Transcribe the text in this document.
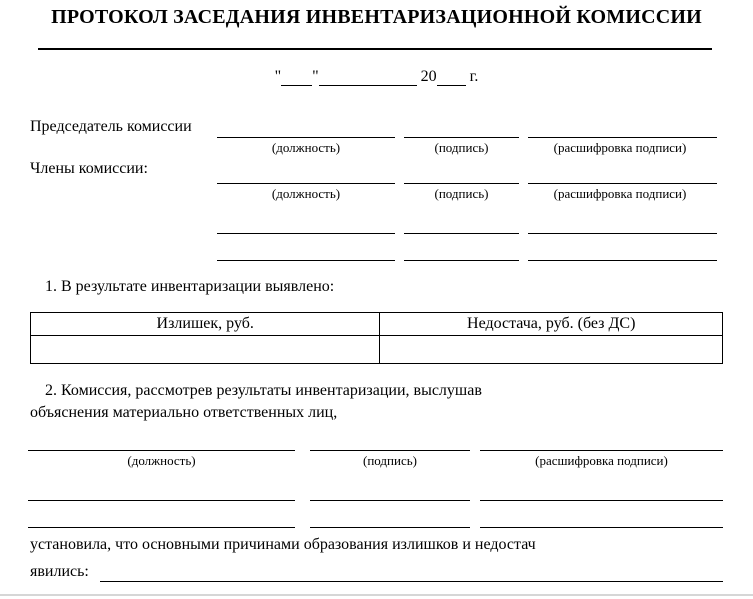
ПРОТОКОЛ ЗАСЕДАНИЯ ИНВЕНТАРИЗАЦИОННОЙ КОМИССИИ
" "	20 г.
Председатель комиссии
(должность)	(подпись)	(расшифровка подписи)
Члены комиссии:
(должность)	(подпись)	(расшифровка подписи)
1. В результате инвентаризации выявлено:
Излишек, руб.	Недостача, руб. (без ДС)

2. Комиссия, рассмотрев результаты инвентаризации, выслушав
объяснения материально ответственных лиц,
(должность)	(подпись)	(расшифровка подписи)
установила, что основными причинами образования излишков и недостач
явились:
